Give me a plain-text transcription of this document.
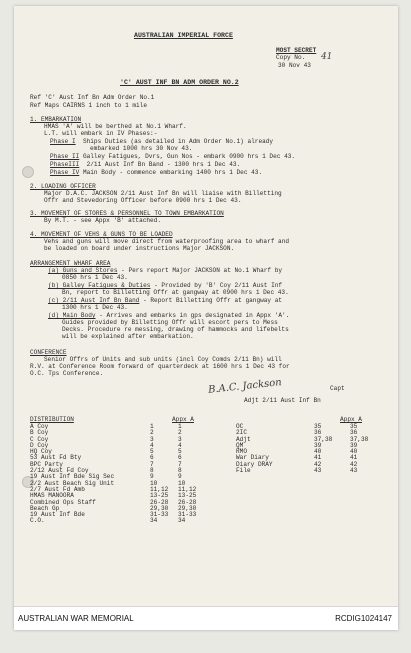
AUSTRALIAN IMPERIAL FORCE
MOST SECRET
Copy No. 41
30 Nov 43
'C' AUST INF BN ADM ORDER NO.2
Ref 'C' Aust Inf Bn Adm Order No.1
Ref Maps CAIRNS 1 inch to 1 mile
1. EMBARKATION
HMAS 'A' will be berthed at No.1 Wharf.
L.T. will embark in IV Phases:-
Phase I Ships Duties (as detailed in Adm Order No.1) already
embarked 1000 hrs 30 Nov 43.
Phase II Galley Fatigues, Dvrs, Gun Nos - embark 0900 hrs 1 Dec 43.
PhaseIII 2/11 Aust Inf Bn Band - 1300 hrs 1 Dec 43.
Phase IV Main Body - commence embarking 1400 hrs 1 Dec 43.
2. LOADING OFFICER
Major D.A.C. JACKSON 2/11 Aust Inf Bn will liaise with Billetting
Offr and Stevedoring Officer before 0900 hrs 1 Dec 43.
3. MOVEMENT OF STORES & PERSONNEL TO TOWN EMBARKATION
By M.T. - see Appx 'B' attached.
4. MOVEMENT OF VEHS & GUNS TO BE LOADED
Vehs and guns will move direct from waterproofing area to wharf and
be loaded on board under instructions Major JACKSON.
ARRANGEMENT WHARF AREA
(a) Guns and Stores - Pers report Major JACKSON at No.1 Wharf by
0850 hrs 1 Dec 43.
(b) Galley Fatigues & Duties - Provided by 'B' Coy 2/11 Aust Inf
Bn, report to Billetting Offr at gangway at 0900 hrs 1 Dec 43.
(c) 2/11 Aust Inf Bn Band - Report Billetting Offr at gangway at
1300 hrs 1 Dec 43.
(d) Main Body - Arrives and embarks in gps designated in Appx 'A'.
Guides provided by Billetting Offr will escort pers to Mess
Decks. Procedure re messing, drawing of hammocks and lifebelts
will be explained after embarkation.
CONFERENCE
Senior Offrs of Units and sub units (incl Coy Comds 2/11 Bn) will
R.V. at Conference Room forward of quarterdeck at 1600 hrs 1 Dec 43 for
O.C. Tps Conference.
B.A.C. Jackson	Capt
Adjt 2/11 Aust Inf Bn
DISTRIBUTION	Appx A	Appx A
A Coy	1	1
B Coy	2	2
C Coy	3	3
D Coy	4	4
HQ Coy	5	5
53 Aust Fd Bty	6	6
BPC Party	7	7
2/12 Aust Fd Coy	8	8
19 Aust Inf Bde Sig Sec	9	9
2/2 Aust Beach Sig Unit	10	10
2/7 Aust Fd Amb	11,12	11,12
HMAS MANOORA	13-25	13-25
Combined Ops Staff	26-28	26-28
Beach Gp	29,30	29,30
19 Aust Inf Bde	31-33	31-33
C.O.	34	34
OC	35	35
2IC	36	36
Adjt	37,38	37,38
QM	39	39
RMO	40	40
War Diary	41	41
Diary DRAY	42	42
File	43	43
AUSTRALIAN WAR MEMORIAL	RCDIG1024147
